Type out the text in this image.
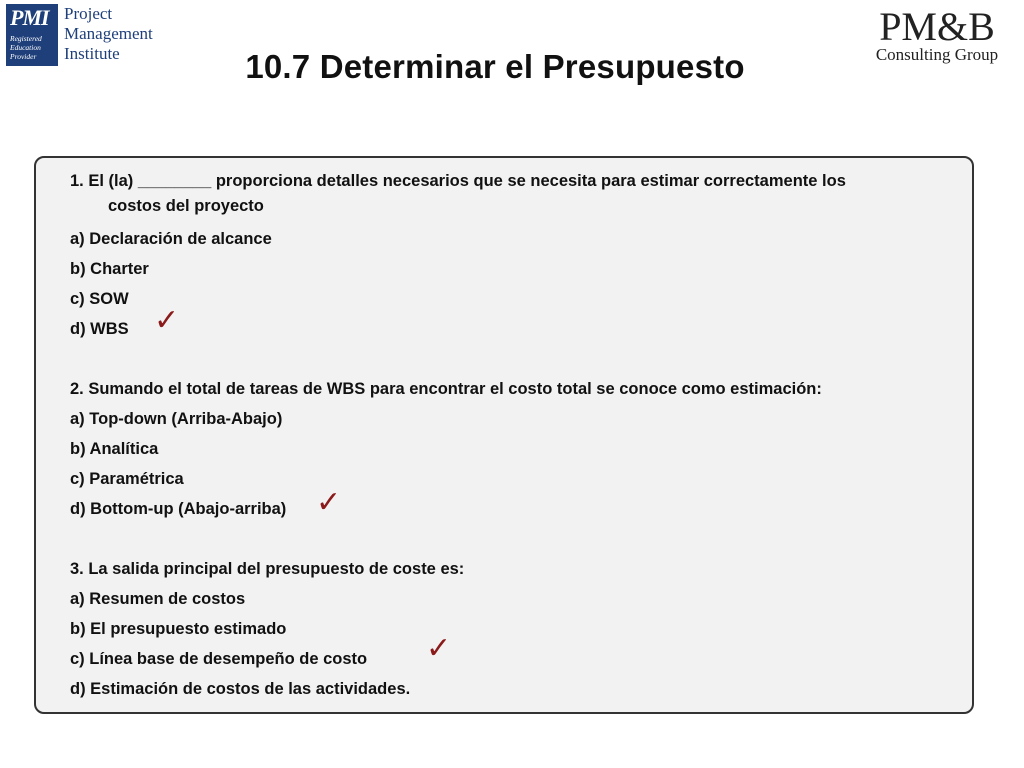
PMI
Registered Education Provider
Project
Management
Institute
PM&B
Consulting Group
10.7 Determinar el Presupuesto
1. El (la) ________ proporciona detalles necesarios que se necesita para estimar correctamente los
costos del proyecto
a) Declaración de alcance
b) Charter
c) SOW
d) WBS ✓
2. Sumando el total de tareas de WBS para encontrar el costo total se conoce como estimación:
a) Top-down (Arriba-Abajo)
b) Analítica
c) Paramétrica
d) Bottom-up (Abajo-arriba) ✓
3. La salida principal del presupuesto de coste es:
a) Resumen de costos
b) El presupuesto estimado
c) Línea base de desempeño de costo ✓
d) Estimación de costos de las actividades.
